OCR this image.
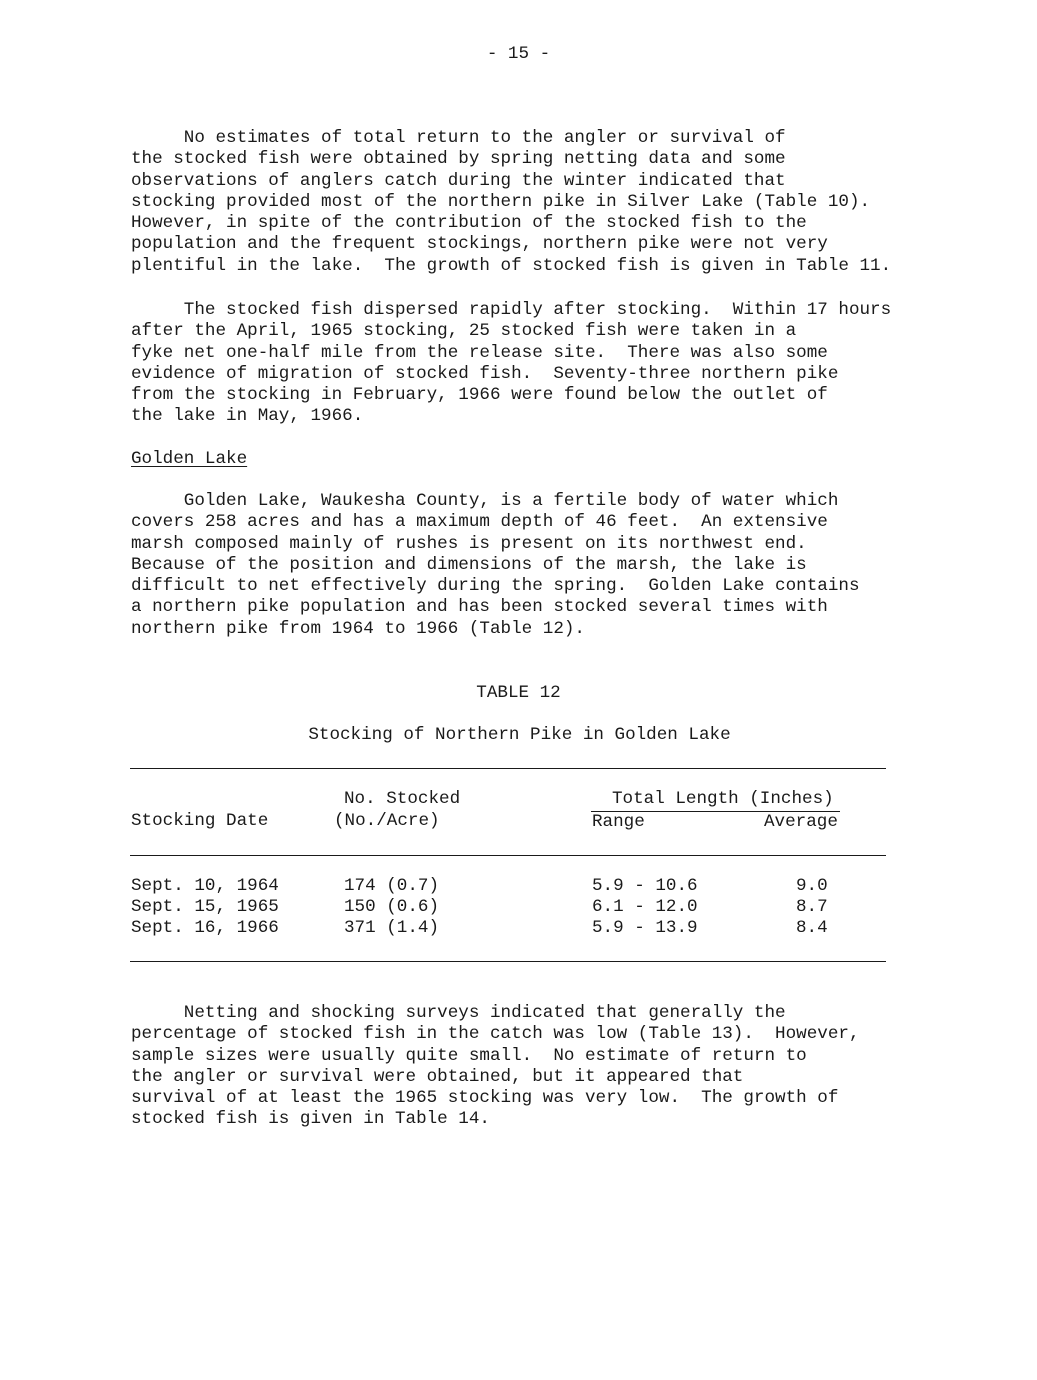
- 15 -

No estimates of total return to the angler or survival of
the stocked fish were obtained by spring netting data and some
observations of anglers catch during the winter indicated that
stocking provided most of the northern pike in Silver Lake (Table 10).
However, in spite of the contribution of the stocked fish to the
population and the frequent stockings, northern pike were not very
plentiful in the lake.  The growth of stocked fish is given in Table 11.

The stocked fish dispersed rapidly after stocking.  Within 17 hours
after the April, 1965 stocking, 25 stocked fish were taken in a
fyke net one-half mile from the release site.  There was also some
evidence of migration of stocked fish.  Seventy-three northern pike
from the stocking in February, 1966 were found below the outlet of
the lake in May, 1966.

Golden Lake

Golden Lake, Waukesha County, is a fertile body of water which
covers 258 acres and has a maximum depth of 46 feet.  An extensive
marsh composed mainly of rushes is present on its northwest end.
Because of the position and dimensions of the marsh, the lake is
difficult to net effectively during the spring.  Golden Lake contains
a northern pike population and has been stocked several times with
northern pike from 1964 to 1966 (Table 12).

TABLE 12
Stocking of Northern Pike in Golden Lake
No. Stocked
Stocking Date	(No./Acre)
Total Length (Inches)
Range	Average
Sept. 10, 1964	174 (0.7)	5.9 - 10.6	9.0
Sept. 15, 1965	150 (0.6)	6.1 - 12.0	8.7
Sept. 16, 1966	371 (1.4)	5.9 - 13.9	8.4

Netting and shocking surveys indicated that generally the
percentage of stocked fish in the catch was low (Table 13).  However,
sample sizes were usually quite small.  No estimate of return to
the angler or survival were obtained, but it appeared that
survival of at least the 1965 stocking was very low.  The growth of
stocked fish is given in Table 14.
